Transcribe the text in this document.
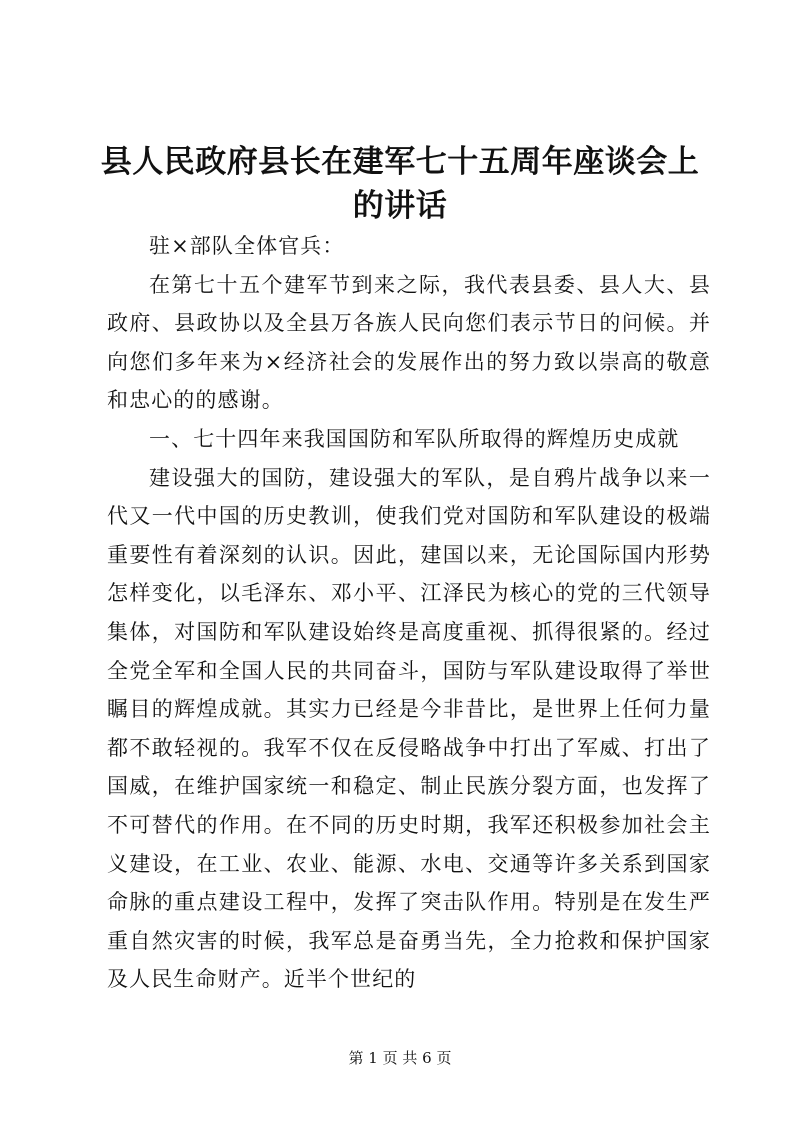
县人民政府县长在建军七十五周年座谈会上的讲话

驻×部队全体官兵：

在第七十五个建军节到来之际，我代表县委、县人大、县政府、县政协以及全县万各族人民向您们表示节日的问候。并向您们多年来为×经济社会的发展作出的努力致以崇高的敬意和忠心的的感谢。

一、七十四年来我国国防和军队所取得的辉煌历史成就

建设强大的国防，建设强大的军队，是自鸦片战争以来一代又一代中国的历史教训，使我们党对国防和军队建设的极端重要性有着深刻的认识。因此，建国以来，无论国际国内形势怎样变化，以毛泽东、邓小平、江泽民为核心的党的三代领导集体，对国防和军队建设始终是高度重视、抓得很紧的。经过全党全军和全国人民的共同奋斗，国防与军队建设取得了举世瞩目的辉煌成就。其实力已经是今非昔比，是世界上任何力量都不敢轻视的。我军不仅在反侵略战争中打出了军威、打出了国威，在维护国家统一和稳定、制止民族分裂方面，也发挥了不可替代的作用。在不同的历史时期，我军还积极参加社会主义建设，在工业、农业、能源、水电、交通等许多关系到国家命脉的重点建设工程中，发挥了突击队作用。特别是在发生严重自然灾害的时候，我军总是奋勇当先，全力抢救和保护国家及人民生命财产。近半个世纪的

第 1 页 共 6 页
